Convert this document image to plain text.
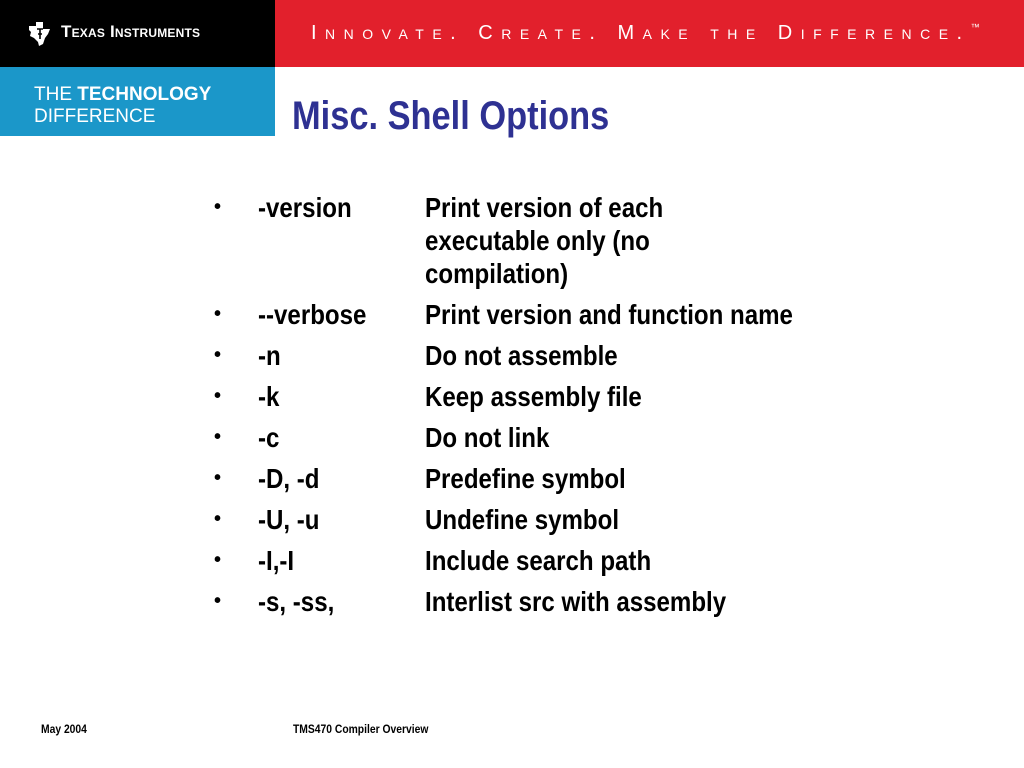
Texas Instruments	Innovate. Create. Make the Difference.™
THE TECHNOLOGY
DIFFERENCE	Misc. Shell Options
•	-version	Print version of each
executable only (no
compilation)
•	--verbose	Print version and function name
•	-n	Do not assemble
•	-k	Keep assembly file
•	-c	Do not link
•	-D, -d	Predefine symbol
•	-U, -u	Undefine symbol
•	-I,-I	Include search path
•	-s, -ss,	Interlist src with assembly
May 2004	TMS470 Compiler Overview
